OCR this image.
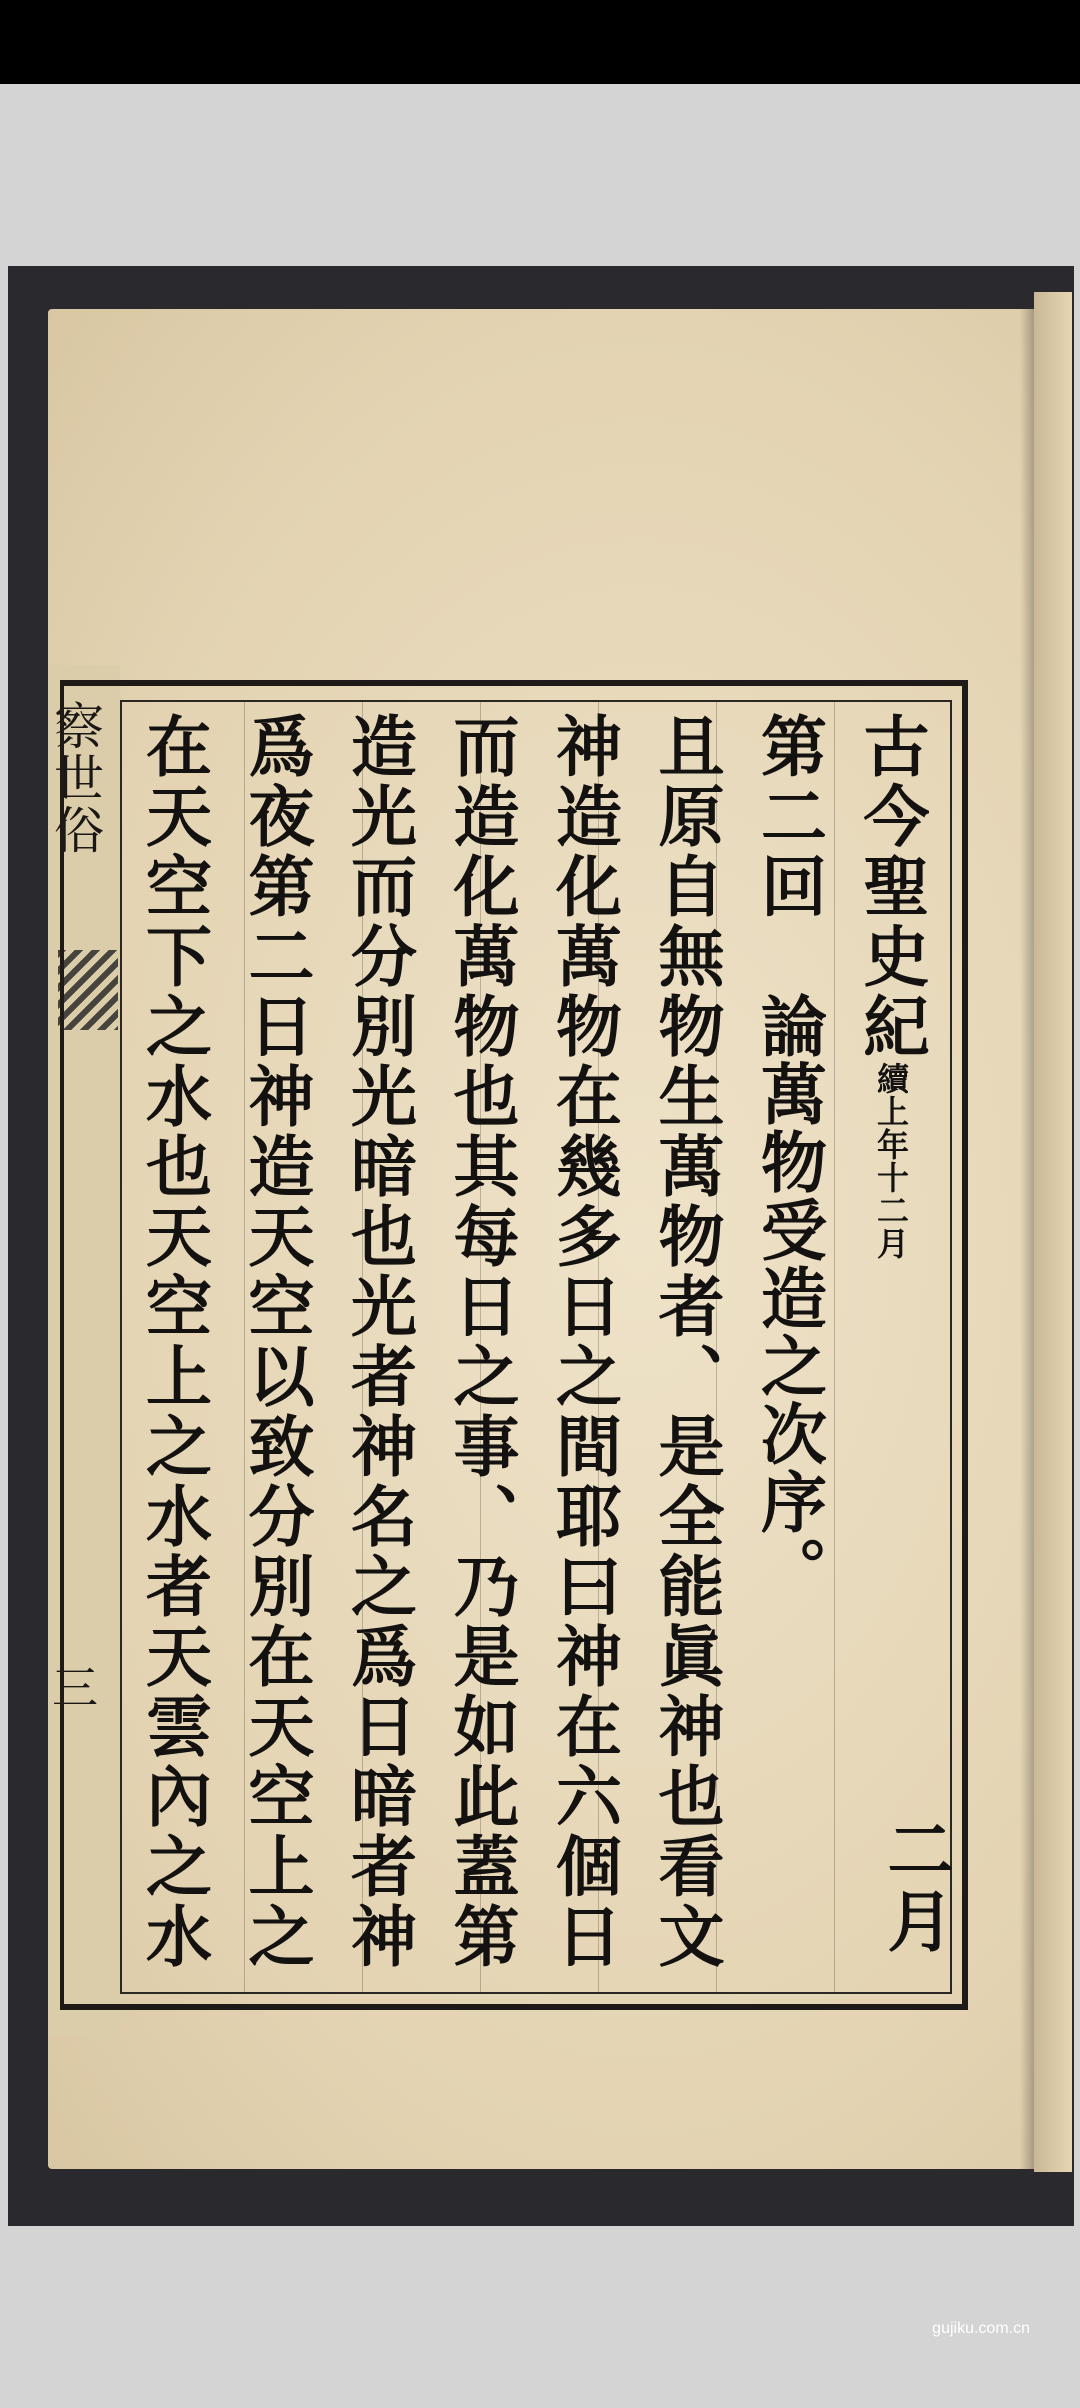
察世俗
三
古今聖史紀續上年十二月
第二回　論萬物受造之次序。
且原自無物生萬物者、是全能眞神也看文
神造化萬物在幾多日之間耶曰神在六個日
而造化萬物也其每日之事、乃是如此蓋第
造光而分別光暗也光者神名之爲日暗者神
爲夜第二日神造天空以致分別在天空上之
在天空下之水也天空上之水者天雲內之水	二月
gujiku.com.cn
